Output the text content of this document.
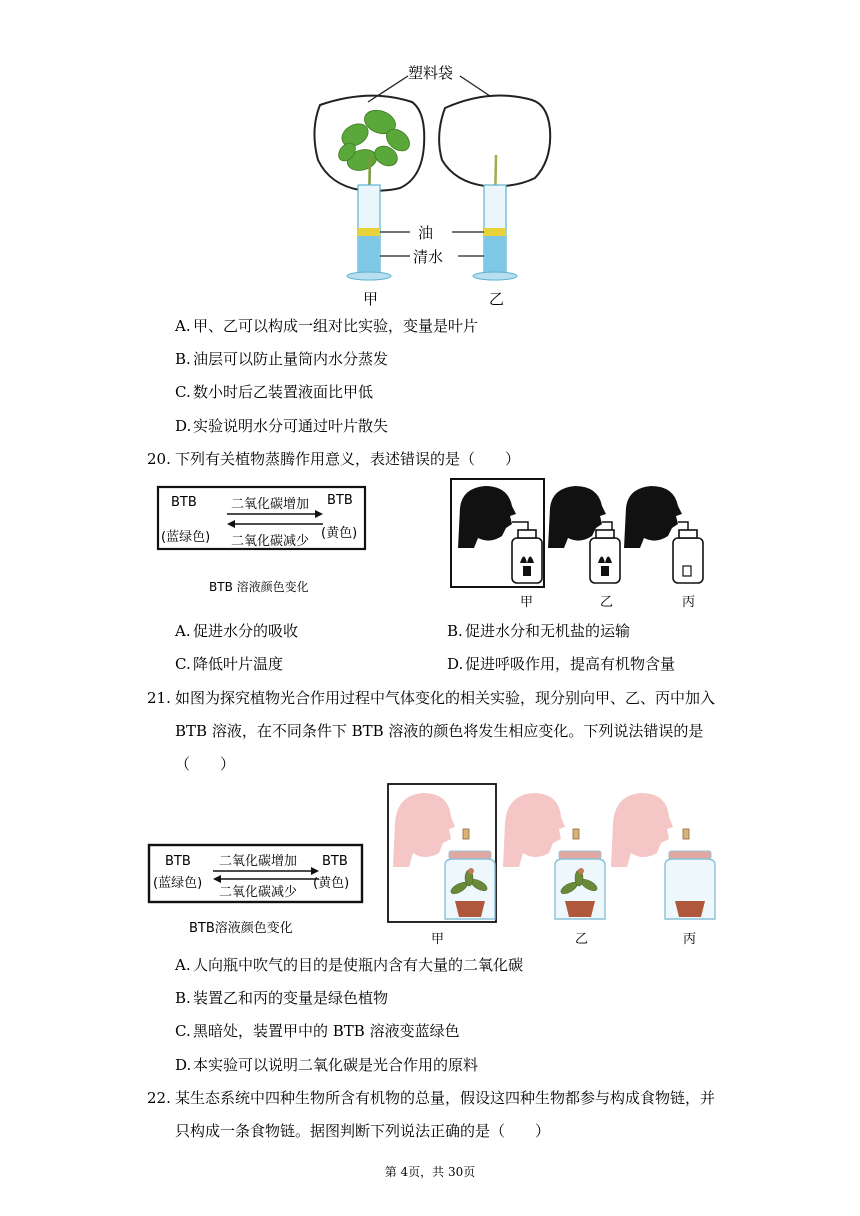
塑料袋
油
清水
甲	乙
A. 甲、乙可以构成一组对比实验，变量是叶片
B. 油层可以防止量筒内水分蒸发
C. 数小时后乙装置液面比甲低
D. 实验说明水分可通过叶片散失
20. 下列有关植物蒸腾作用意义，表述错误的是（　　）
BTB
(蓝绿色)
二氧化碳增加
二氧化碳减少
BTB
(黄色)
BTB 溶液颜色变化
甲	乙	丙
A. 促进水分的吸收	B. 促进水分和无机盐的运输
C. 降低叶片温度	D. 促进呼吸作用，提高有机物含量
21. 如图为探究植物光合作用过程中气体变化的相关实验，现分别向甲、乙、丙中加入
BTB 溶液，在不同条件下 BTB 溶液的颜色将发生相应变化。下列说法错误的是
（　　）
BTB
(蓝绿色)
二氧化碳增加
二氧化碳减少
BTB
(黄色)
BTB溶液颜色变化
甲	乙	丙
A. 人向瓶中吹气的目的是使瓶内含有大量的二氧化碳
B. 装置乙和丙的变量是绿色植物
C. 黑暗处，装置甲中的 BTB 溶液变蓝绿色
D. 本实验可以说明二氧化碳是光合作用的原料
22. 某生态系统中四种生物所含有机物的总量，假设这四种生物都参与构成食物链，并
只构成一条食物链。据图判断下列说法正确的是（　　）
第 4页，共 30页
